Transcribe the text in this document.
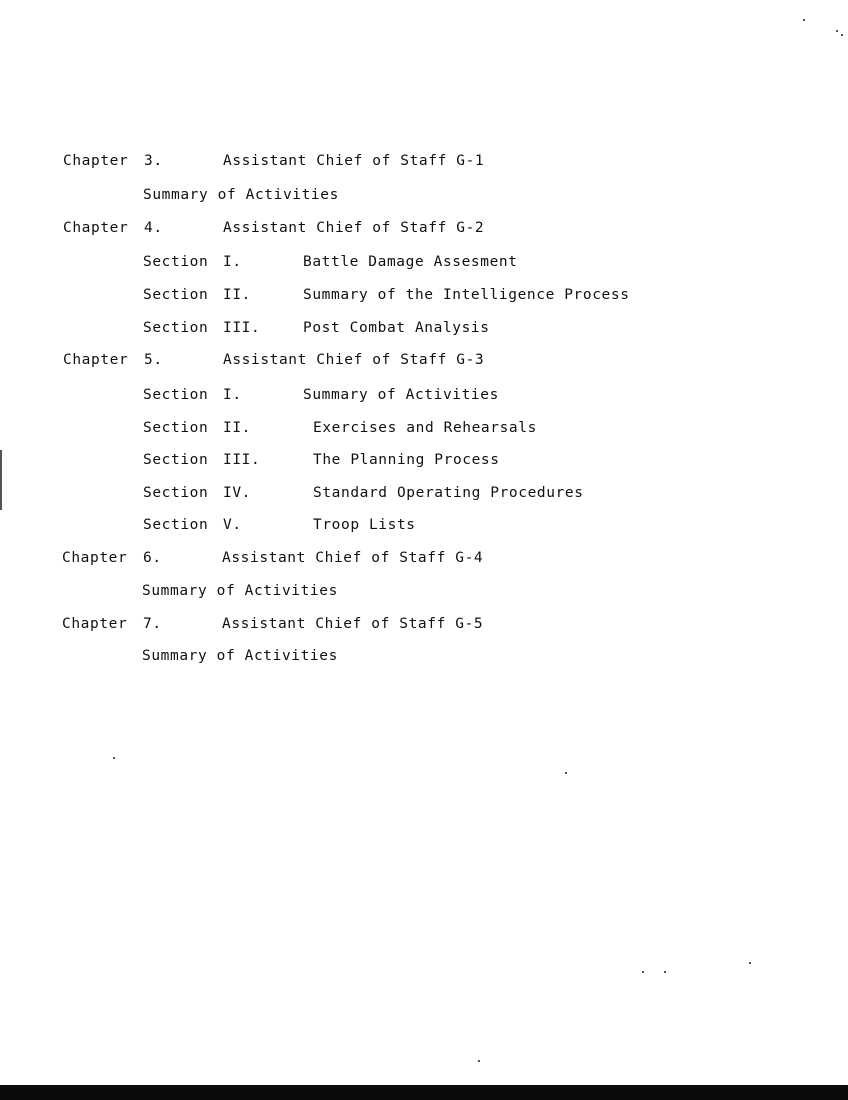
Chapter 3.	Assistant Chief of Staff G-1
Summary of Activities
Chapter 4.	Assistant Chief of Staff G-2
Section I.	Battle Damage Assesment
Section II.	Summary of the Intelligence Process
Section III.	Post Combat Analysis
Chapter 5.	Assistant Chief of Staff G-3
Section I.	Summary of Activities
Section II.	Exercises and Rehearsals
Section III.	The Planning Process
Section IV.	Standard Operating Procedures
Section V.	Troop Lists
Chapter 6.	Assistant Chief of Staff G-4
Summary of Activities
Chapter 7.	Assistant Chief of Staff G-5
Summary of Activities
